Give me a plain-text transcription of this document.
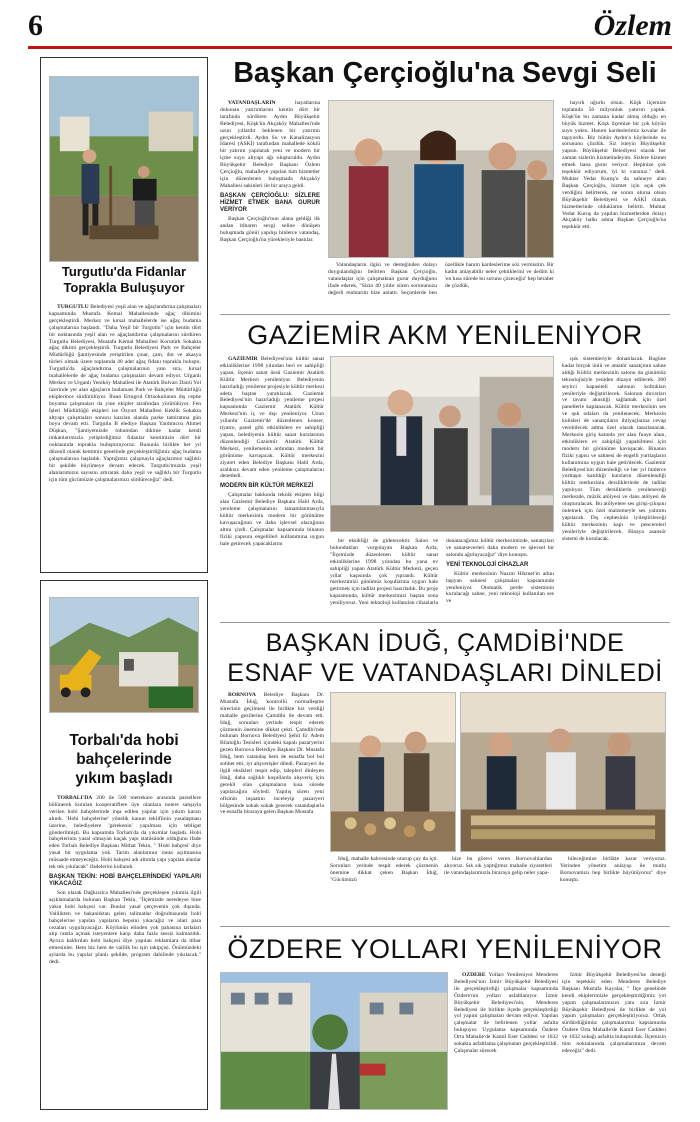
6	Özlem
Turgutlu'da Fidanlar
Toprakla Buluşuyor

TURGUTLU Belediyesi yeşil alan ve ağaçlandırma çalışmaları kapsamında Mustafa Kemal Mahallesinde ağaç dikimini gerçekleştirdi. Merkez ve kırsal mahallelerde ise ağaç budama çalışmalarına başlandı. "Daha Yeşil bir Turgutlu" için kentin dört bir noktasında yeşil alan ve ağaçlandırma çalışmalarını sürdüren Turgutlu Belediyesi, Mustafa Kemal Mahallesi Korutürk Sokakta ağaç dikimi gerçekleştirdi. Turgutlu Belediyesi Park ve Bahçeler Müdürlüğü Şantiyesinde yetiştirilen çınar, çam, dut ve akasya türleri olmak üzere toplamda 40 adet ağaç fidanı toprakla buluştu. Turgutlu'da ağaçlandırma çalışmalarının yanı sıra, kırsal mahallelerde de ağaç budama çalışmaları devam ediyor. Urganlı Merkez ve Urganlı Yeniköy Mahallesi ile Atatürk Bulvarı Dairü Yol üzerinde yer alan ağaçların budaması Park ve Bahçeler Müdürlüğü ekiplerince sürdürülüyor. İhsan Ertugrul Ortaokulunun dış cephe boyama çalışmaları da yine ekipler tarafından yürütülüyor. Fen İşleri Müdürlüğü ekipleri ise Özyurt Mahallesi Keklik Sokakta altyapı çalışmaları sonucu kazılan alanda parke tamiratına gün boyu devam etti. Turgutlu B elediye Başkan Yardımcısı Ahmet Düşkan, "Şantiyemizde tohumdan dikime kadar kendi imkanlarımızla yetiştirdiğimiz fidanlar kentimizin dört bir noktasında toprakla buluşturuyoruz. Bununla birlikte her yıl düzenli olarak kentimiz genelinde gerçekleştirdiğimiz ağaç budama çalışmalarına başladık. Yaptığımız çalışmayla ağaçlarımız sağlıklı bir şekilde büyümeye devam edecek. Turgutlu'muzda yeşil alanlarımızın sayısını artırarak daha yeşil ve sağlıklı bir Turgutlu için tüm gücümüzle çalışmalarımızı sürdüreceğiz" dedi.

Torbalı'da hobi
bahçelerinde
yıkım başladı

TORBALI'DA 200 ile 500 metrekare arasında parsellere bölünerek kurulan kooperatiflere üye olanlara notere satışıyla verilen hobi bahçelerinde inşa edilen yapılar için yıkım kararı alındı. 'Hobi bahçelerine' yönelik kanun tekliflinin yasalaşması üzerine, belediyelere 'gerekenin' yapılması için tebligat gönderilmişti. Bu kapsamda Torbalı'da da yıkımlar başladı. Hobi bahçelerinin yasal olmayan kaçak yapı statüsünde olduğunu ifade eden Torbalı Belediye Başkanı Mithat Tekin, " 'Hobi bahçesi' diye yasal bir uygulama yok. Tarım alanlarının ranta açılmasına müsaade etmeyeceğiz. Hobi bahçesi adı altında yapı yapılan alanlar tek tek yıkılacak" ifadelerini kullandı.

BAŞKAN TEKİN: HOBİ BAHÇELERİNDEKİ YAPILARI YIKACAĞIZ

Son olarak Dağkızılca Mahallesi'nde gerçekleşen yıkımla ilgili açıklamalarda bulunan Başkan Tekin, "İlçemizde neredeyse bine yakın hobi bahçesi var. Bunlar yasal çerçevenin çok dışında. Valilikten ve bakanlıktan gelen talimatlar doğrultusunda hobi bahçelerine yapılan yapıların hepsini yıkacağız ve idari para cezaları uygulayacağız. Köylünün elinden yok pahasına tarlaları alıp rantla açmak isteyenlere karşı daha fazla sessiz kalmazdık. Ayrıca kaldırılan hobi bahçesi diye yapılan reklamlara da itibar etmesinler. Hem biz hem de valilik bu işin takipçisi. Önümüzdeki aylarda bu yapılar planlı şekilde, program dahilinde yıkılacak." dedi.

Başkan Çerçioğlu'na Sevgi Seli

VATANDAŞLARIN	hayatlarına dokunan yatırımlarını kentin dört bir tarafında sürdüren Aydın Büyükşehir Belediyesi, Köşk'ün Akçaköy Mahallesi'nde uzun yıllardır beklenen bir yatırımı gerçekleştirdi. Aydın Su ve Kanalizasyon İdaresi (ASKİ) tarafından mahallede köklü bir yatırım yapılarak yeni ve modern bir içme suyu altyapı ağı oluşturuldu. Aydın Büyükşehir Belediye Başkanı Özlem Çerçioğlu, mahalleye yapılan tüm hizmetler için düzenlenen buluşmada Akçaköy Mahallesi sakinleri ile bir araya geldi.

BAŞKAN ÇERÇİOĞLU: SİZLERE HİZMET ETMEK BANA GURUR VERİYOR

Başkan Çerçioğlu'nun alana geldiği ilk andan itibaren sevgi seline dönüşen buluşmada gönül yapılışı binlerce vatandaş, Başkan Çerçioğlu'na yürekleriyle bastılar.

Vatandaşların ilgisi ve desteğinden dolayı duygulandığını belirten Başkan Çerçioğlu, vatandaşlar için çalışmaktan gurur duyduğunu ifade ederek, "Sizin 40 yıldır süren sorununuzu değerli muhtarım bize anlattı. Seçimlerde ben özellikle hanım kardeslerime söz vermistim. Bir kadın anlayabilir neler çektiklerini ve dedim ki 'en kısa sürede bu sorunu çözeceğiz' hep beraber de çözdük,

hayırlı uğurlu olsun. Köşk ilçemize toplamda 56 milyonluk yatırım yaptık. Köşk'ün bu zamana kadar almış olduğu en büyük hizmet. Köşk ilçemize bir çok köyün suyu yoktu. Hanım kardeslerimiz kovalar ile taşıyordu. Biz bütün Aydın'a köylerinde su sorununu çözdük. Siz isteyin Büyükşehir yapsın. Büyükşehir Belediyesi olarak her zaman sizlerin hizmetindeyim. Sizlere hizmet etmek bana gurur veriyor. Hepinize çok teşekkür ediyorum, iyi ki varsınız." dedi. Muhtar Vedat Kuruş'u da sahneye alan Başkan Çerçioğlu, hizmet için açık çek verdiğini belirterek, ne sorun olursa olsun Büyükşehir Belediyesi ve ASKİ olarak hizmetlerinde olduklarını belirtti. Muhtar Vedat Kuruş da yapılan hizmetlerden dolayı Akçaköy halkı adına Başkan Çerçioğlu'na teşekkür etti.

GAZİEMİR AKM YENİLENİYOR

GAZİEMİR Belediyesi'nin kültür sanat etkinliklerine 1998 yılından beri ev sahipliği yapan, ilçenin sanat üssü Gaziemir Atatürk Kültür Merkezi yenileniyor. Belediyenin hazırladığı yenileme projesiyle kültür merkezi adeta baştan yaratılacak. Gaziemir Belediyesi'nin hazırladığı yenileme projesi kapsamında Gaziemir Atatürk Kültür Merkezi'nin iç ve dışı yenileniyor. Uzun yıllardır Gaziemir'de düzenlenen konser, tiyatro, panel gibi etkinliklere ev sahipliği yapan, belediyenin kültür sanat kurslarının düzenlendiği Gaziemir Atatürk Kültür Merkezi, yenilemenin ardından modern bir görünüme kavuşacak. Kültür merkezini ziyaret eden Belediye Başkanı Halil Arda, aralıksız devam eden yenileme çalışmalarını denetledi.

MODERN BİR KÜLTÜR MERKEZİ

Çalışmalar hakkında teknik ekipten bilgi alan Gaziemir Belediye Başkanı Halil Arda, yenileme çalışmalarını tamamlanmasıyla kültür merkezinin modern bir görünüme kavuşacağının ve daha işlevsel olacağının altını çizdi. Çalışmalar kapsamında binanın fiziki yapısını engellileri kullanımına uygun hale getirecek yapacaklarını	bir eksikliği de giderecektir. Salon ve bulundukları vurgulayan Başkan Arda, "İlçemizde düzenlenen kültür sanat etkinliklerine 1998 yılından bu yana ev sahipliği yapan Atatürk Kültür Merkezi, geçen yıllar kaşısında çok yıprandı. Kültür merkezimizi günümüz koşullarına uygun hale getirmek için tadilat projesi hazırladık. Bu proje kapsamında, kültür merkezimizi baştan sona yeniliyoruz. Yeni teknoloji kullanılan cihazlarla donatacağımız kültür merkezimizde, sanatçıları ve sanatseverleri daha modern ve işlevsel bir salonda ağırlayacağız" diye konuştu.

YENİ TEKNOLOJİ CİHAZLAR

Kültür merkezinin Nazım Hikmet'in adını taşıyan sahnesi çalışmaları kapsamında yenileniyor. Otomatik perde sisteminin kurulacağı sahne, yeni teknoloji kullanılan ses ve

ışık sistemleriyle donatılacak. Bugüne kadar birçok ünlü ve amatör sanatçının sahne aldığı Kültür merkezinin salonu da günümüz teknolojisiyle yeniden dizayn edilecek. 360 seyirci kapasiteli salonun koltukları yenileriyle değiştirilecek. Salonun duvarları ve tavanı akustiği sağlamak için özel panellerle kaplanacak. Kültür merkezinin ses ve ışık odaları da yenilenecek. Merkezin kulisleri de sanatçıların ihtiyaçlarına cevap verebilecek adma özel olarak tasarlanacak. Merkezin giriş katında yer alan fuaye alanı, etkinliklere ev sahipliği yapabilmesi için modern bir görünüme kavuşacak. Binanın fiziki yapısı ve sahnesi de engelli yurttaşların kullanımına uygun hale getirilecek. Gaziemir Belediyesi'nin düzenlediği ve her yıl binlerce yurttaşın katıldığı kursların düzenlendiği kültür merkezinin dersliklerinde de tadilat yapılıyor. Tüm dersliklerin yenileneceği merkezde, müzik atölyesi ve dans atölyesi de oluşturulacak. Bu atölyelere ses girişi-çıkışını önlemek için özel malzemeyle ses yalıtımı yapılacak. Dış cephesinin iyileştirileceği kültür merkezinin kapı ve pencereleri yenileriyle değiştirilecek. Binaya asansör sistemi de kurulacak.

BAŞKAN İDUĞ, ÇAMDİBİ'NDE
ESNAF VE VATANDAŞLARI DİNLEDİ

BORNOVA Belediye Başkanı Dr. Mustafa İduğ, kontrollü normalleşme sürecinin geçilmesi ile birlikte hız verdiği mahalle gezilerine Çamdibi ile devam etti. İduğ, sorunları yerinde tespit ederek çözmenin önemine dikkat çekti. Çamdibi'nde bulunan Bornova Belediyesi Şehit Er Adem Bilaloğlu Tesisleri içindeki kapalı pazaryerini gezen Bornova Belediye Başkanı Dr. Mustafa İduğ, hem vatandaş hem de esnafla bol bol sohbet etti, iyi alışverişler diledi. Pazaryeri ile ilgili eksikleri tespit edip, talepleri dinleyen İduğ, daha sağlıklı koşullarda alışveriş için gerekli olan çalışmaların kısa sürede yapılacağını söyledi. Yapılış süren yeni ofisinin inşaatını inceleyip pazaryeri bölgesinde sokak sokak gezerek vatandaşlarla ve esnafla biraraya gelen Başkan Mustafa

İduğ, mahalle kahvesinde oturup çay da içti. Sorunları yerinde tespit ederek çözmenin önemine dikkat çeken Başkan İduğ, "Gücümüzü

bize bu görevi veren Bornovalılardan alıyoruz. Sık sık yaptığımız mahalle ziyaretleri ile vatandaşlarımızla biraraya gelip neler yapa-

bileceğimize birlikte karar veriyoruz. Yerinden yönetim anlayışı ile mutlu Bornovamızı hep birlikte büyütüyoruz" diye konuştu.

ÖZDERE YOLLARI YENİLENİYOR

ÖZDERE Yolları Yenileniyor Menderes Belediyesi'nin İzmir Büyükşehir Belediyesi ile gerçekleştirdiği çalışmalar kapsamında Özdere'nin yolları asfaltlanıyor. İzmir Büyükşehir Belediyesi'nin, Menderes Belediyesi ile birlikte ilçede gerçekleştirdiği yol yapım çalışmaları devam ediyor. Yapılan çalışmalar ile belirlenen yollar asfalta buluşuyor. Uygulama kapsamında Özdere Orta Mahalle'de Kamil Eser Caddesi ve 1032 sokakta asfaltlama çalışmaları gerçekleştirildi. Çalışmalar sürecek

İzmir Büyükşehir Belediyesi'ne desteği için teşekkür eden Menderes Belediye Başkanı Mustafa Kayalar, " İlçe genelinde kendi ekiplerimizle gerçekleştirdiğimiz yol yapım çalışmalarımızın yanı sıra İzmir Büyükşehir Belediyesi ile birlikte de yol yapım çalışmaları gerçekleştiriyoruz. Ortak sürdürdüğümüz çalışmalarımız kapsamında Özdere Orta Mahalle'de Kamil Eser Caddesi ve 1032 sokağı asfaltla buluşturduk. İlçemizin tüm noktalarında çalışmalarımıza devam edeceğiz" dedi.
